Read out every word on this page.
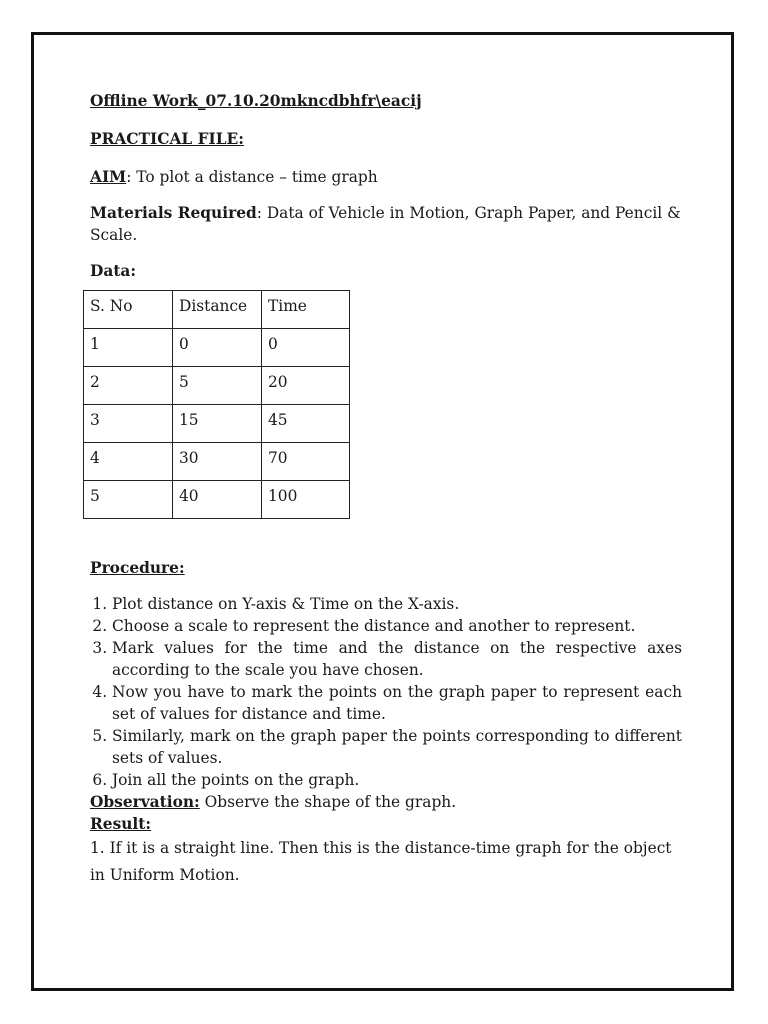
Offline Work_07.10.20mkncdbhfr\eacij

PRACTICAL FILE:

AIM: To plot a distance – time graph

Materials Required: Data of Vehicle in Motion, Graph Paper, and Pencil & Scale.

Data:

S. No	Distance	Time
1	0	0
2	5	20
3	15	45
4	30	70
5	40	100

Procedure:

1. Plot distance on Y-axis & Time on the X-axis.
2. Choose a scale to represent the distance and another to represent.
3. Mark values for the time and the distance on the respective axes according to the scale you have chosen.
4. Now you have to mark the points on the graph paper to represent each set of values for distance and time.
5. Similarly, mark on the graph paper the points corresponding to different sets of values.
6. Join all the points on the graph.

Observation: Observe the shape of the graph.

Result:

1. If it is a straight line. Then this is the distance-time graph for the object in Uniform Motion.
